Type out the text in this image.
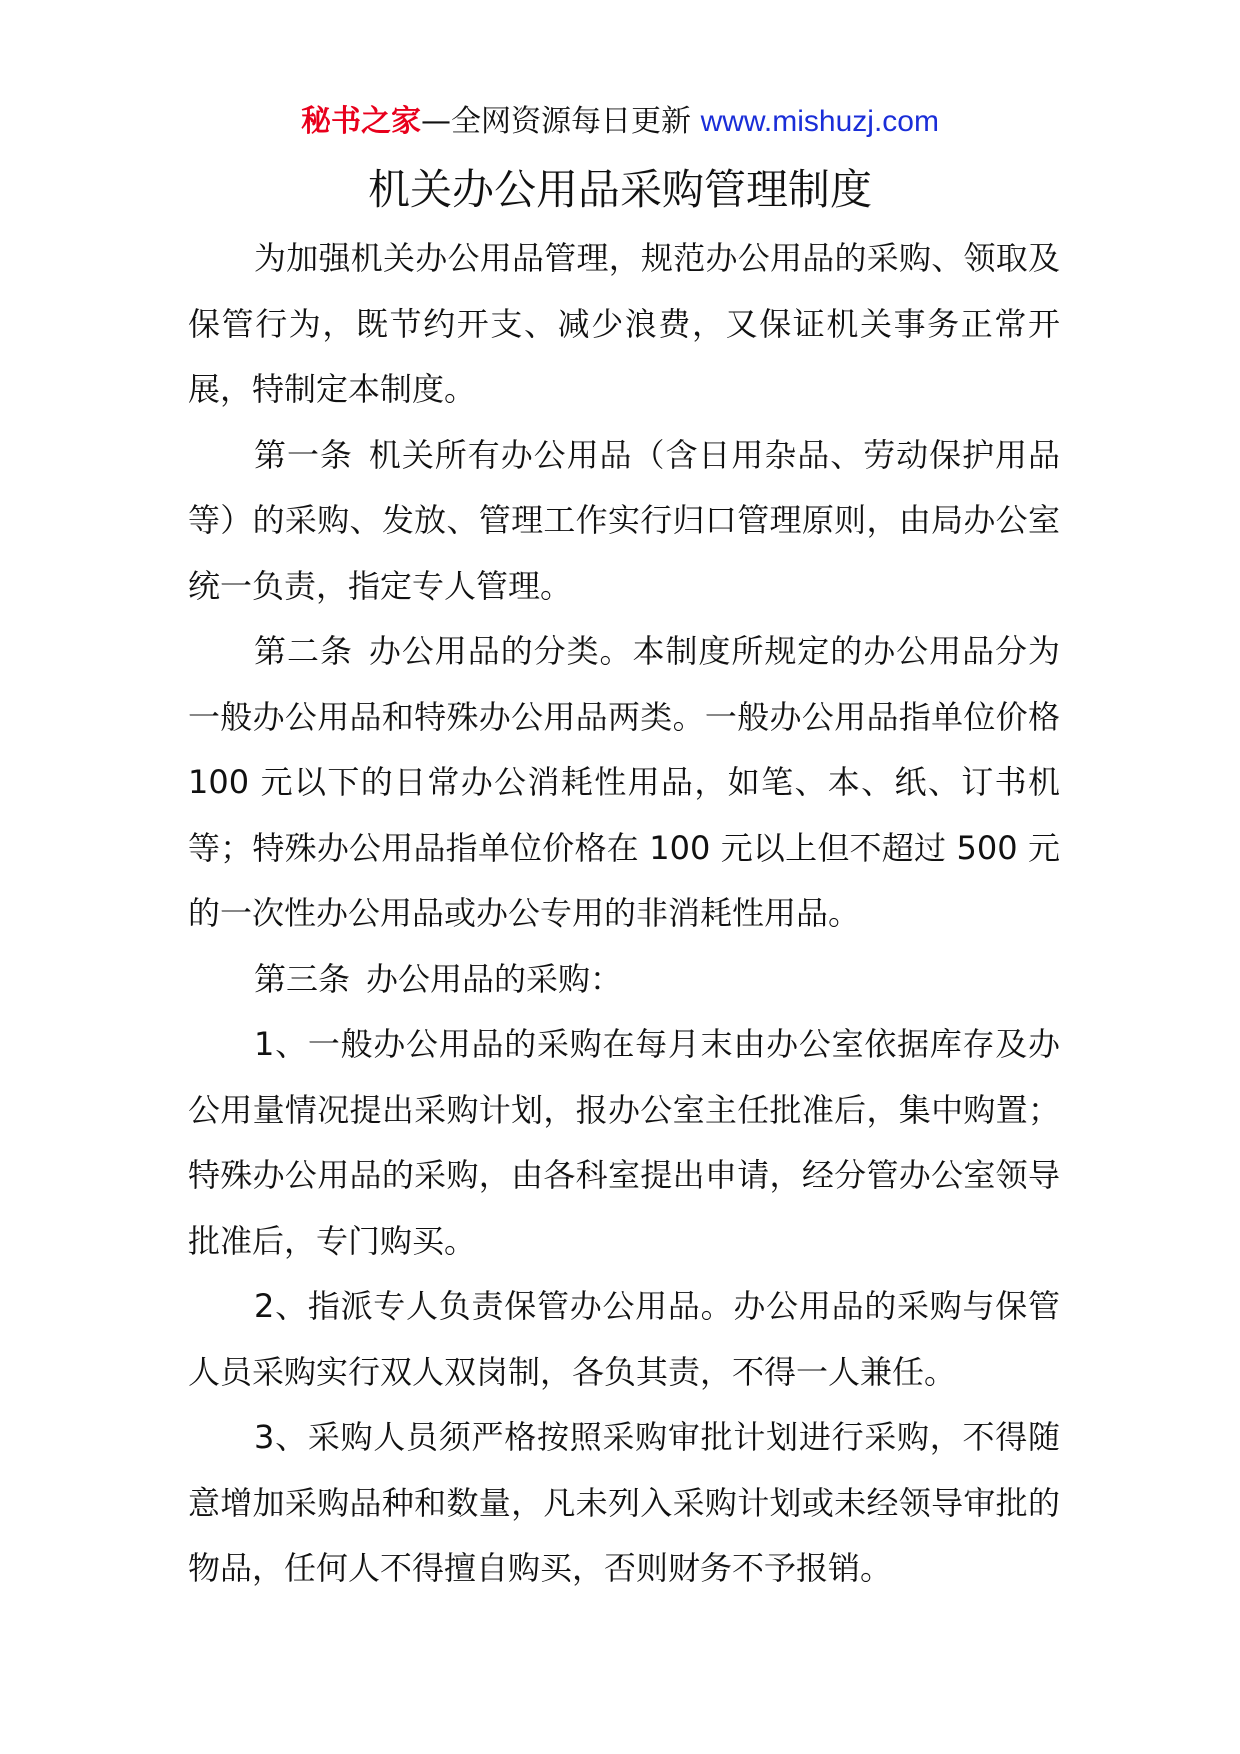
秘书之家—全网资源每日更新 www.mishuzj.com
机关办公用品采购管理制度

为加强机关办公用品管理，规范办公用品的采购、领取及保管行为，既节约开支、减少浪费，又保证机关事务正常开展，特制定本制度。

第一条 机关所有办公用品（含日用杂品、劳动保护用品等）的采购、发放、管理工作实行归口管理原则，由局办公室统一负责，指定专人管理。

第二条 办公用品的分类。本制度所规定的办公用品分为一般办公用品和特殊办公用品两类。一般办公用品指单位价格 100 元以下的日常办公消耗性用品，如笔、本、纸、订书机等；特殊办公用品指单位价格在 100 元以上但不超过 500 元的一次性办公用品或办公专用的非消耗性用品。

第三条 办公用品的采购：

1、一般办公用品的采购在每月末由办公室依据库存及办公用量情况提出采购计划，报办公室主任批准后，集中购置；特殊办公用品的采购，由各科室提出申请，经分管办公室领导批准后，专门购买。

2、指派专人负责保管办公用品。办公用品的采购与保管人员采购实行双人双岗制，各负其责，不得一人兼任。

3、采购人员须严格按照采购审批计划进行采购，不得随意增加采购品种和数量，凡未列入采购计划或未经领导审批的物品，任何人不得擅自购买，否则财务不予报销。
